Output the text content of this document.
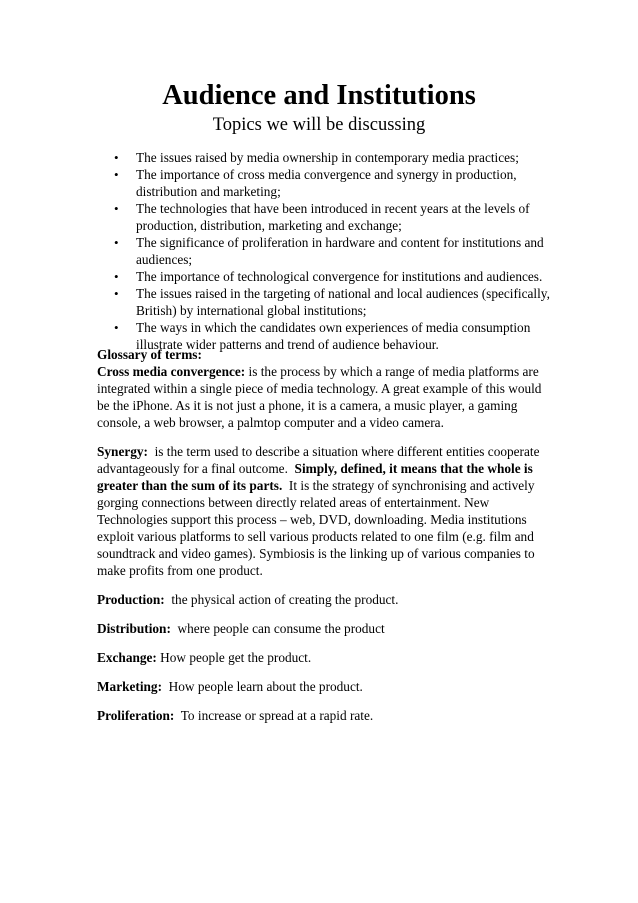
Audience and Institutions
Topics we will be discussing
• The issues raised by media ownership in contemporary media practices;
• The importance of cross media convergence and synergy in production,
distribution and marketing;
• The technologies that have been introduced in recent years at the levels of
production, distribution, marketing and exchange;
• The significance of proliferation in hardware and content for institutions and
audiences;
• The importance of technological convergence for institutions and audiences.
• The issues raised in the targeting of national and local audiences (specifically,
British) by international global institutions;
• The ways in which the candidates own experiences of media consumption
illustrate wider patterns and trend of audience behaviour.

Glossary of terms:

Cross media convergence: is the process by which a range of media platforms are
integrated within a single piece of media technology. A great example of this would
be the iPhone. As it is not just a phone, it is a camera, a music player, a gaming
console, a web browser, a palmtop computer and a video camera.

Synergy:  is the term used to describe a situation where different entities cooperate
advantageously for a final outcome.  Simply, defined, it means that the whole is
greater than the sum of its parts.  It is the strategy of synchronising and actively
gorging connections between directly related areas of entertainment. New
Technologies support this process – web, DVD, downloading. Media institutions
exploit various platforms to sell various products related to one film (e.g. film and
soundtrack and video games). Symbiosis is the linking up of various companies to
make profits from one product.

Production:  the physical action of creating the product.

Distribution:  where people can consume the product

Exchange: How people get the product.

Marketing:  How people learn about the product.

Proliferation:  To increase or spread at a rapid rate.
